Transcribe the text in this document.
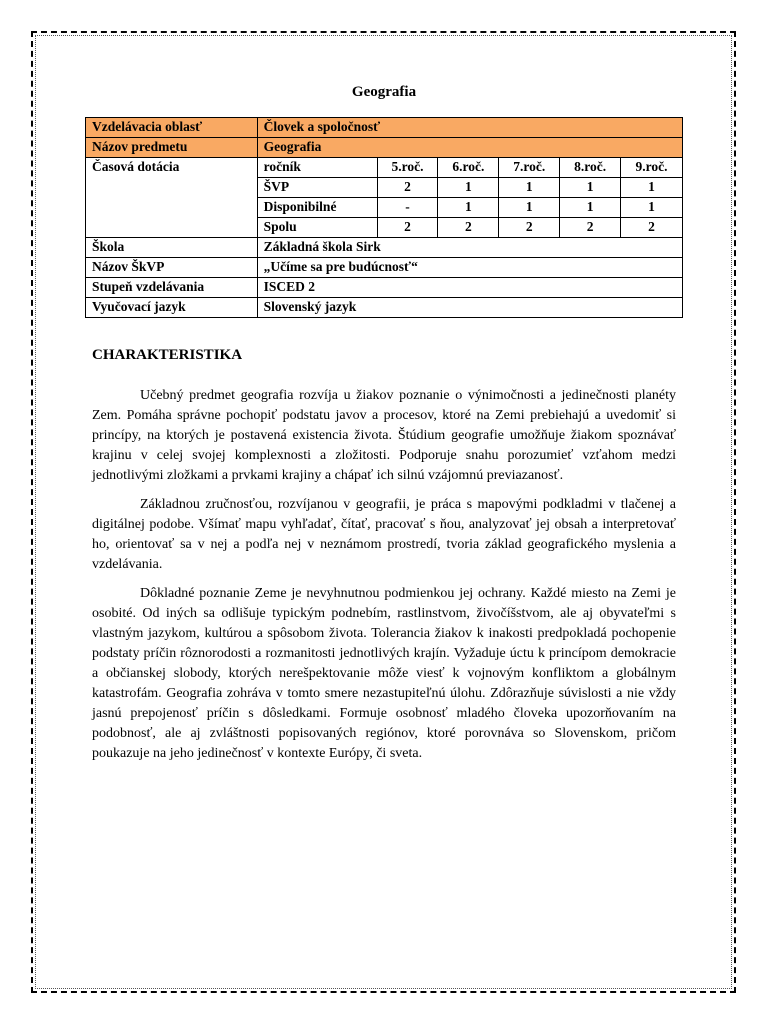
Geografia
Vzdelávacia oblasť	Človek a spoločnosť					
Názov predmetu	Geografia					
Časová dotácia	ročník	5.roč.	6.roč.	7.roč.	8.roč.	9.roč.
	ŠVP	2	1	1	1	1
	Disponibilné	-	1	1	1	1
	Spolu	2	2	2	2	2
Škola	Základná škola Sirk					
Názov ŠkVP	„Učíme sa pre budúcnosť“					
Stupeň vzdelávania	ISCED 2					
Vyučovací jazyk	Slovenský jazyk					
CHARAKTERISTIKA

Učebný predmet geografia rozvíja u žiakov poznanie o výnimočnosti a jedinečnosti planéty Zem. Pomáha správne pochopiť podstatu javov a procesov, ktoré na Zemi prebiehajú a uvedomiť si princípy, na ktorých je postavená existencia života. Štúdium geografie umožňuje žiakom spoznávať krajinu v celej svojej komplexnosti a zložitosti. Podporuje snahu porozumieť vzťahom medzi jednotlivými zložkami a prvkami krajiny a chápať ich silnú vzájomnú previazanosť.

Základnou zručnosťou, rozvíjanou v geografii, je práca s mapovými podkladmi v tlačenej a digitálnej podobe. Všímať mapu vyhľadať, čítať, pracovať s ňou, analyzovať jej obsah a interpretovať ho, orientovať sa v nej a podľa nej v neznámom prostredí, tvoria základ geografického myslenia a vzdelávania.

Dôkladné poznanie Zeme je nevyhnutnou podmienkou jej ochrany. Každé miesto na Zemi je osobité. Od iných sa odlišuje typickým podnebím, rastlinstvom, živočíšstvom, ale aj obyvateľmi s vlastným jazykom, kultúrou a spôsobom života. Tolerancia žiakov k inakosti predpokladá pochopenie podstaty príčin rôznorodosti a rozmanitosti jednotlivých krajín. Vyžaduje úctu k princípom demokracie a občianskej slobody, ktorých nerešpektovanie môže viesť k vojnovým konfliktom a globálnym katastrofám. Geografia zohráva v tomto smere nezastupiteľnú úlohu. Zdôrazňuje súvislosti a nie vždy jasnú prepojenosť príčin s dôsledkami. Formuje osobnosť mladého človeka upozorňovaním na podobnosť, ale aj zvláštnosti popisovaných regiónov, ktoré porovnáva so Slovenskom, pričom poukazuje na jeho jedinečnosť v kontexte Európy, či sveta.
